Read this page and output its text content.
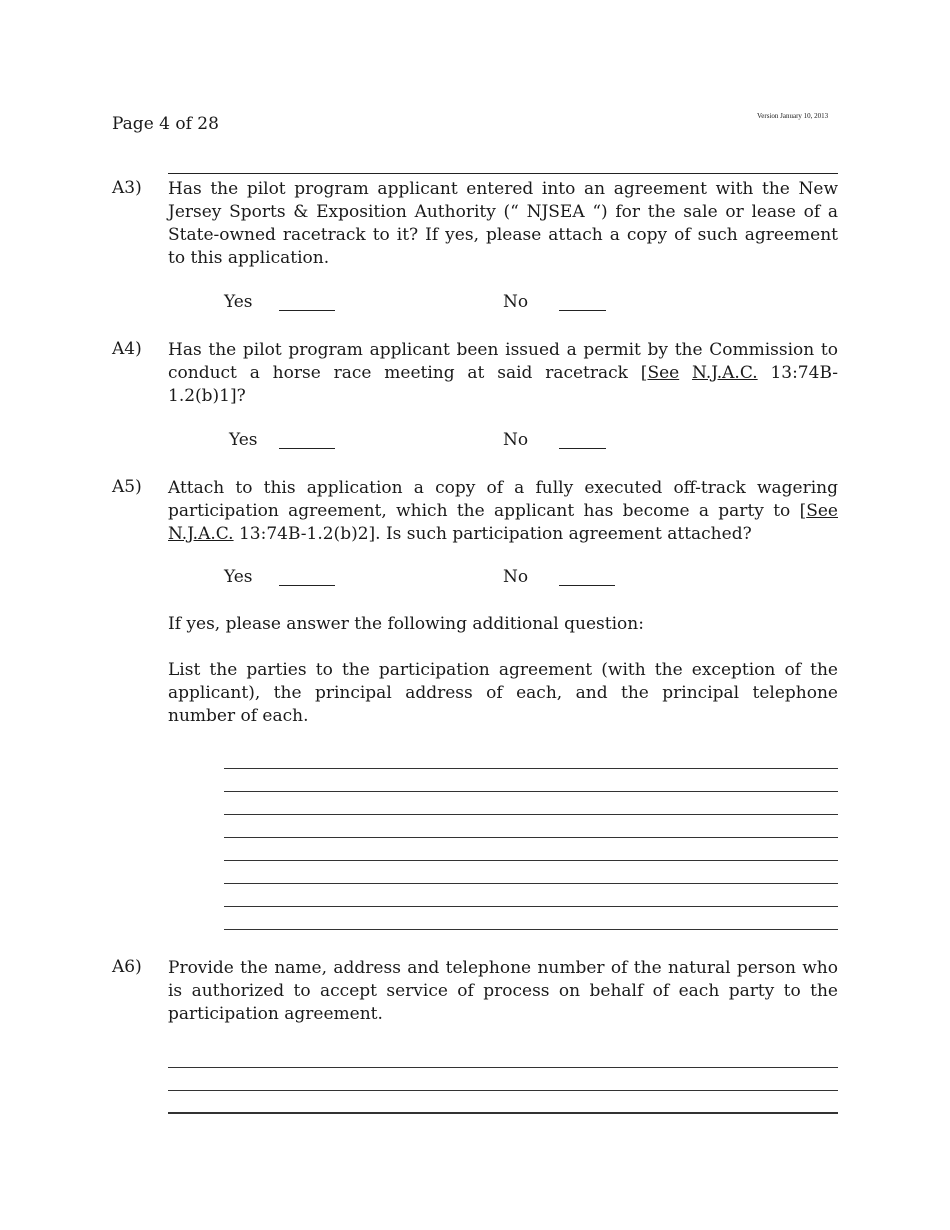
Page 4 of 28	Version January 10, 2013
A3) Has the pilot program applicant entered into an agreement with the New Jersey Sports & Exposition Authority (“ NJSEA “) for the sale or lease of a State-owned racetrack to it? If yes, please attach a copy of such agreement to this application.
Yes	No
A4) Has the pilot program applicant been issued a permit by the Commission to conduct a horse race meeting at said racetrack [See N.J.A.C. 13:74B-1.2(b)1]?
Yes	No
A5) Attach to this application a copy of a fully executed off-track wagering participation agreement, which the applicant has become a party to [See N.J.A.C. 13:74B-1.2(b)2]. Is such participation agreement attached?
Yes	No
If yes, please answer the following additional question:
List the parties to the participation agreement (with the exception of the applicant), the principal address of each, and the principal telephone number of each.
A6) Provide the name, address and telephone number of the natural person who is authorized to accept service of process on behalf of each party to the participation agreement.
